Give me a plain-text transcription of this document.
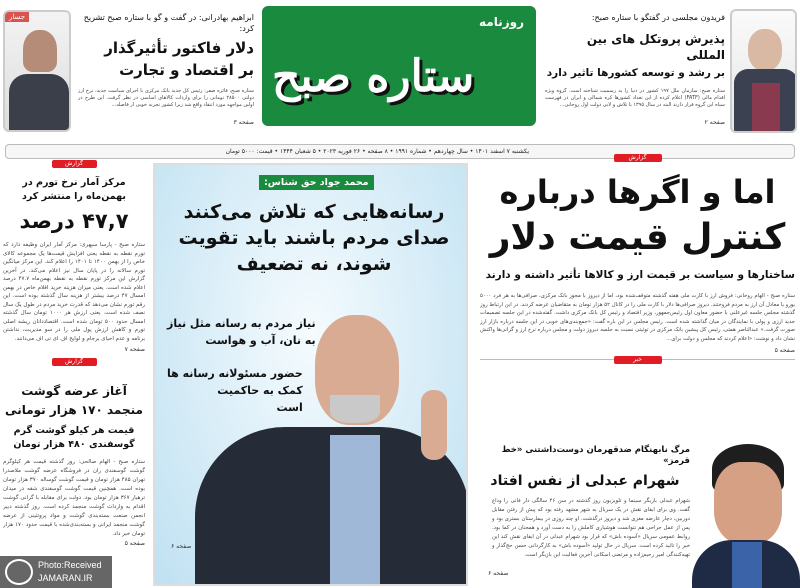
جسار	ابراهیم بهادرانی: در گفت و گو با ستاره صبح تشریح کرد:
دلار فاکتور تأثیرگذار
بر اقتصاد و تجارت
ستاره صبح، فائزه صفر: رئیس کل جدید بانک مرکزی با اجرای سیاست جدید، نرخ ارز دولتی ۲۸۵۰۰ تومانی را برای واردات کالاهای اساسی در نظر گرفت. این طرح در اولین مواجهه مورد انتقاد واقع شد زیرا کشور تجربه خوبی از فاصله...
صفحه ۳
روزنامه
ستاره صبح
فریدون مجلسی در گفتگو با ستاره صبح:
پذیرش پروتکل های بین المللی
بر رشد و توسعه کشورها تاثیر دارد
ستاره صبح: سازمان ملل ۱۹۷ کشور در دنیا را به رسمیت شناخته است. گروه ویژه اقدام مالی (FATF) اعلام کرده از این تعداد کشورها کره شمالی و ایران در فهرست سیاه این گروه قرار دارند البته در سال ۱۳۹۵ با تلاش و لابی دولت اول روحانی...
صفحه ۲
یکشنبه ۷ اسفند ۱۴۰۱ • سال چهاردهم • شماره ۱۹۹۱ • ۸ صفحه • ۲۶ فوریه ۲۰۲۳ • ۵ شعبان ۱۴۴۴ • قیمت: ۵۰۰۰ تومان
گزارش
مرکز آمار نرخ تورم در بهمن‌ماه را منتشر کرد
۴۷,۷ درصد
ستاره صبح - پارسا سپهری: مرکز آمار ایران وظیفه دارد که تورم نقطه به نقطه یعنی افزایش قیمت‌ها یک مجموعه کالای خاص را از بهمن ۱۴۰۰ تا ۱۴۰۱ را اعلام کند. این مرکز میانگین تورم سالانه را در پایان سال نیز اعلام می‌کند. در آخرین گزارش این مرکز تورم نقطه به نقطه بهمن‌ماه ۴۷.۷ درصد اعلام شده است. یعنی میزان هزینه خرید اقلام خاص در بهمن امسال ۴۷ درصد بیشتر از هزینه سال گذشته بوده است. این رقم تورم نشان می‌دهد که قدرت خرید مردم در طول یک سال نصف شده است. یعنی ارزش هر ۱۰۰۰ تومان سال گذشته امسال حدود ۵۰۰ تومان شده است. اقتصاددانان ریشه اصلی تورم و کاهش ارزش پول ملی را در سو مدیریت، نداشتن برنامه و عدم احیای برجام و لوایح اف ای تی اف می‌دانند.
صفحه ۷
گزارش
آغاز عرضه گوشت منجمد ۱۷۰ هزار تومانی
قیمت هر کیلو گوشت گرم گوسفندی ۴۸۰ هزار تومان
ستاره صبح - الهام صالحی: روز گذشته قیمت هر کیلوگرم گوشت گوسفندی ران در فروشگاه عرضه گوشت ملاصدرا تهران ۴۸۵ هزار تومان و قیمت گوشت گوساله ۳۷۰ هزار تومان بوده است. همچنین قیمت گوشت گوسفندی شقه در میدان ترهبار ۳۶۷ هزار تومان بود. دولت برای مقابله با گرانی گوشت اقدام به واردات گوشت منجمد کرده است. روز گذشته دبیر انجمن صنعت بسته‌بندی گوشت و مواد پروتئینی از عرضه گوشت منجمد ایرانی و بسته‌بندی‌شده با قیمت حدود ۱۷۰ هزار تومان خبر داد.
صفحه ۵
Photo:Received
JAMARAN.IR
محمد جواد حق شناس:
رسانه‌هایی که تلاش می‌کنند صدای مردم باشند باید تقویت شوند، نه تضعیف
نیاز مردم به رسانه مثل نیاز
به نان، آب و هواست
حضور مسئولانه رسانه ها
کمک به حاکمیت
است
صفحه ۶
گزارش
اما و اگرها درباره
کنترل قیمت دلار
ساختارها و سیاست بر قیمت ارز و کالاها تأثیر داشته و دارند
ستاره صبح - الهام روحانی: فروش ارز با کارت ملی هفته گذشته متوقف‌شده بود، اما از دیروز با مجوز بانک مرکزی، صرافی‌ها به هر فرد ۵۰۰۰ یورو یا معادل آن ارز به مردم فروختند. دیروز صرافی‌ها دلار با کارت ملی را در کانال ۵۲ هزار تومان به متقاضیان عرضه کردند. در این ارتباط روز گذشته مجلس جلسه غیرعلنی با حضور معاون اول رئیس‌جمهور، وزیر اقتصاد و رئیس کل بانک مرکزی داشت. گفته‌شده در این جلسه تصمیمات جدید ارزی و پولی با نمایندگان در میان گذاشته شده است. رئیس مجلس در این باره گفت: «جمع‌بندی‌های خوبی در این جلسه درباره بازار ارز صورت گرفت.» عبدالناصر همتی، رئیس کل پیشین بانک مرکزی در توئیتی نسبت به جلسه دیروز دولت و مجلس درباره نرخ ارز و گرانی‌ها واکنش نشان داد و نوشت: «اعلام کردند که مجلس و دولت برای...
صفحه ۵
خبر
مرگ نابهنگام ضدقهرمان دوست‌داشتنی «خط قرمز»
شهرام عبدلی از نفس افتاد
شهرام عبدلی بازیگر سینما و تلویزیون روز گذشته در سن ۴۶ سالگی دار فانی را وداع گفت. وی برای ایفای نقش در یک سریال به شهر مشهد رفته بود که پیش از رفتن مقابل دوربین، دچار عارضه مغزی شد و دیروز درگذشت. او چند روزی در بیمارستان بستری بود و پس از عمل جراحی هم نتوانست هوشیاری کاملش را به دست آورد و همجنان در کما بود. روابط عمومی سریال «آسوده باش» که قرار بود شهرام عبدلی در آن ایفای نقش کند این خبر را تائید کرده است. سریال در حال تولید «آسوده باش» به کارگردانی حسن حج‌گذار و تهیه‌کنندگی امیر رحیم‌زاده و مرتضی اسکانی آخرین فعالیت این بازیگر است.
صفحه ۶
